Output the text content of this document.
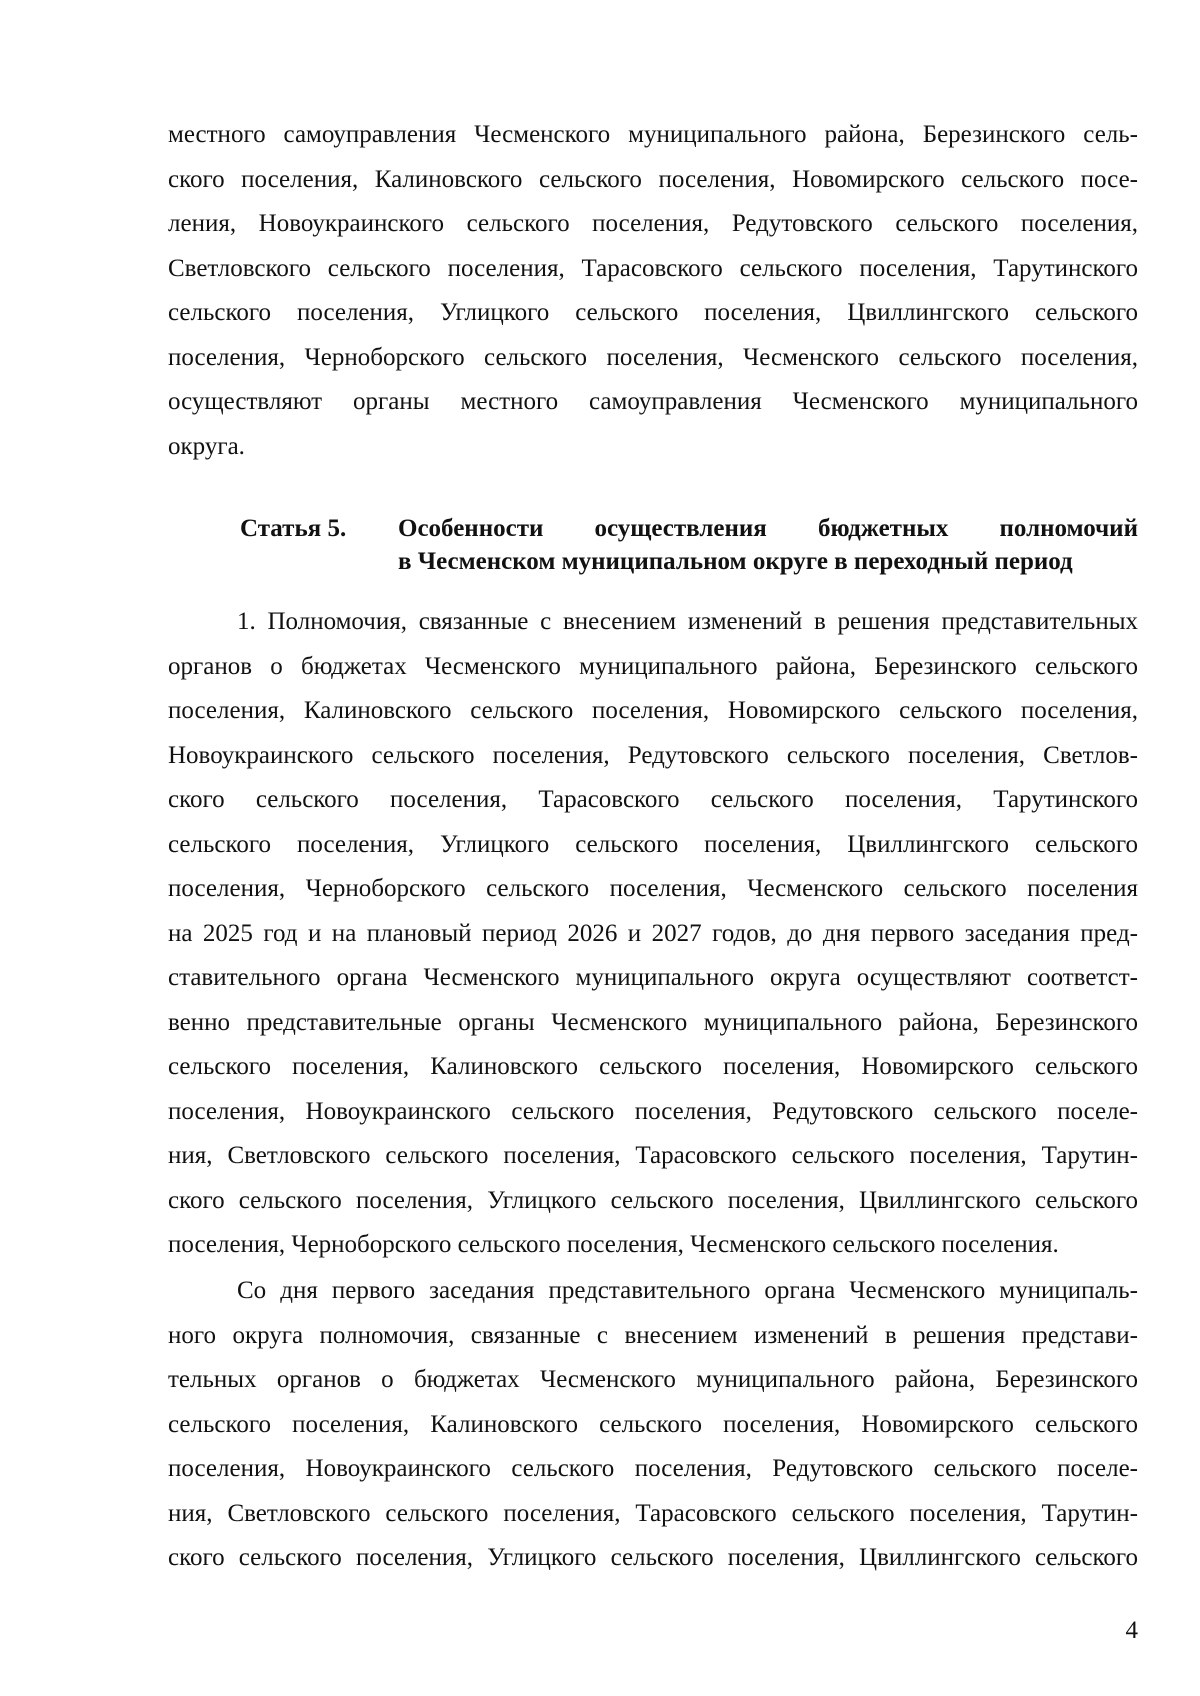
местного самоуправления Чесменского муниципального района, Березинского сель-
ского поселения, Калиновского сельского поселения, Новомирского сельского посе-
ления, Новоукраинского сельского поселения, Редутовского сельского поселения,
Светловского сельского поселения, Тарасовского сельского поселения, Тарутинского
сельского поселения, Углицкого сельского поселения, Цвиллингского сельского
поселения, Черноборского сельского поселения, Чесменского сельского поселения,
осуществляют органы местного самоуправления Чесменского муниципального
округа.
Статья 5. Особенности осуществления бюджетных полномочий
в Чесменском муниципальном округе в переходный период
1. Полномочия, связанные с внесением изменений в решения представительных
органов о бюджетах Чесменского муниципального района, Березинского сельского
поселения, Калиновского сельского поселения, Новомирского сельского поселения,
Новоукраинского сельского поселения, Редутовского сельского поселения, Светлов-
ского сельского поселения, Тарасовского сельского поселения, Тарутинского
сельского поселения, Углицкого сельского поселения, Цвиллингского сельского
поселения, Черноборского сельского поселения, Чесменского сельского поселения
на 2025 год и на плановый период 2026 и 2027 годов, до дня первого заседания пред-
ставительного органа Чесменского муниципального округа осуществляют соответст-
венно представительные органы Чесменского муниципального района, Березинского
сельского поселения, Калиновского сельского поселения, Новомирского сельского
поселения, Новоукраинского сельского поселения, Редутовского сельского поселе-
ния, Светловского сельского поселения, Тарасовского сельского поселения, Тарутин-
ского сельского поселения, Углицкого сельского поселения, Цвиллингского сельского
поселения, Черноборского сельского поселения, Чесменского сельского поселения.
Со дня первого заседания представительного органа Чесменского муниципаль-
ного округа полномочия, связанные с внесением изменений в решения представи-
тельных органов о бюджетах Чесменского муниципального района, Березинского
сельского поселения, Калиновского сельского поселения, Новомирского сельского
поселения, Новоукраинского сельского поселения, Редутовского сельского поселе-
ния, Светловского сельского поселения, Тарасовского сельского поселения, Тарутин-
ского сельского поселения, Углицкого сельского поселения, Цвиллингского сельского
4
